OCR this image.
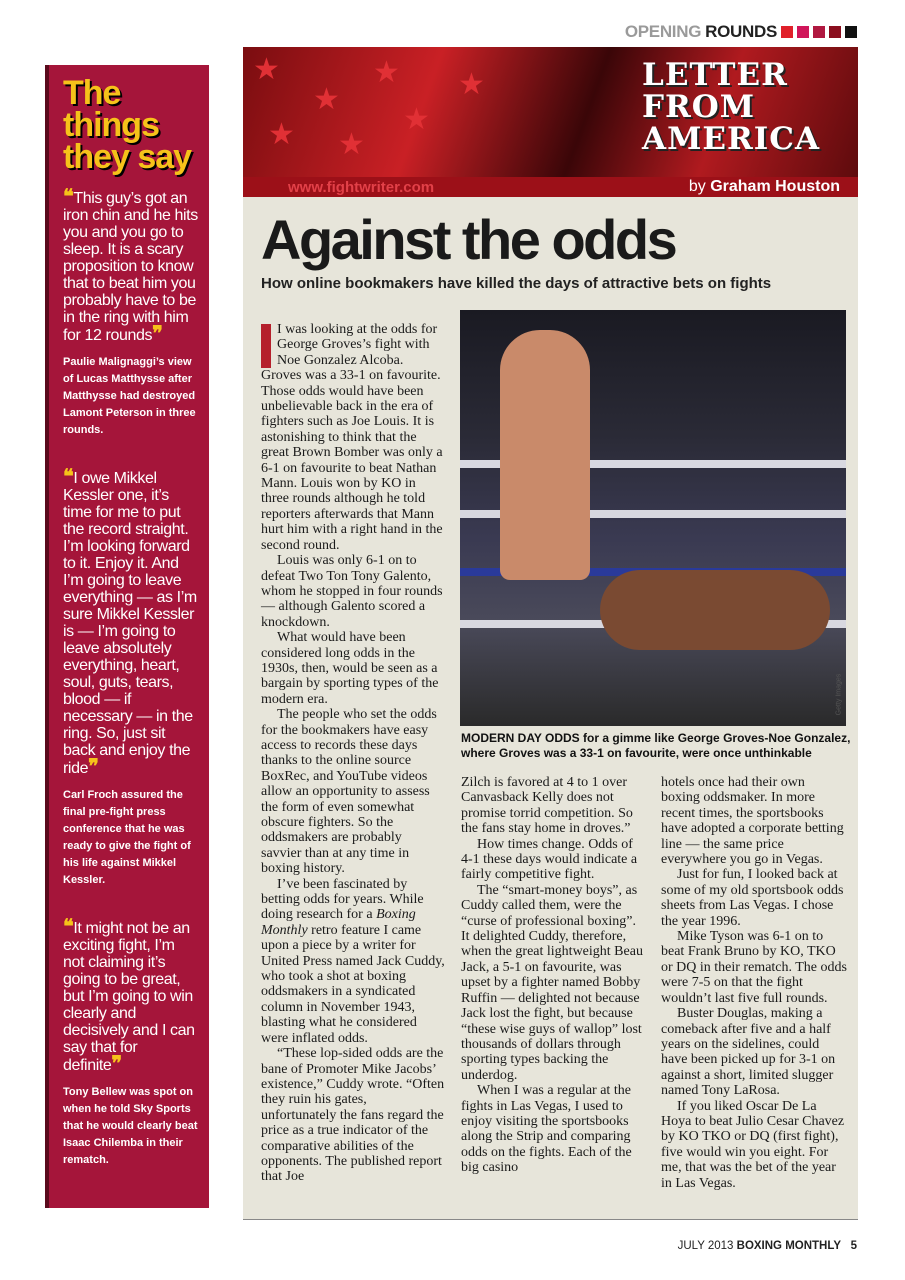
OPENING ROUNDS
The things they say
❝This guy’s got an iron chin and he hits you and you go to sleep. It is a scary proposition to know that to beat him you probably have to be in the ring with him for 12 rounds❞
Paulie Malignaggi’s view of Lucas Matthysse after Matthysse had destroyed Lamont Peterson in three rounds.
❝I owe Mikkel Kessler one, it’s time for me to put the record straight. I’m looking forward to it. Enjoy it. And I’m going to leave everything — as I’m sure Mikkel Kessler is — I’m going to leave absolutely everything, heart, soul, guts, tears, blood — if necessary — in the ring. So, just sit back and enjoy the ride❞
Carl Froch assured the final pre-fight press conference that he was ready to give the fight of his life against Mikkel Kessler.
❝It might not be an exciting fight, I’m not claiming it’s going to be great, but I’m going to win clearly and decisively and I can say that for definite❞
Tony Bellew was spot on when he told Sky Sports that he would clearly beat Isaac Chilemba in their rematch.
★
★
★
★ ★
★
★	LETTER
FROM
AMERICA
www.fightwriter.com	by Graham Houston
Against the odds
How online bookmakers have killed the days of attractive bets on fights

I was looking at the odds for George Groves’s fight with Noe Gonzalez Alcoba. Groves was a 33-1 on favourite. Those odds would have been unbelievable back in the era of fighters such as Joe Louis. It is astonishing to think that the great Brown Bomber was only a 6-1 on favourite to beat Nathan Mann. Louis won by KO in three rounds although he told reporters afterwards that Mann hurt him with a right hand in the second round.

Louis was only 6-1 on to defeat Two Ton Tony Galento, whom he stopped in four rounds — although Galento scored a knockdown.

What would have been considered long odds in the 1930s, then, would be seen as a bargain by sporting types of the modern era.

The people who set the odds for the bookmakers have easy access to records these days thanks to the online source BoxRec, and YouTube videos allow an opportunity to assess the form of even somewhat obscure fighters. So the oddsmakers are probably savvier than at any time in boxing history.

I’ve been fascinated by betting odds for years. While doing research for a Boxing Monthly retro feature I came upon a piece by a writer for United Press named Jack Cuddy, who took a shot at boxing oddsmakers in a syndicated column in November 1943, blasting what he considered were inflated odds.

“These lop-sided odds are the bane of Promoter Mike Jacobs’ existence,” Cuddy wrote. “Often they ruin his gates, unfortunately the fans regard the price as a true indicator of the comparative abilities of the opponents. The published report that Joe

Getty Images
MODERN DAY ODDS for a gimme like George Groves-Noe Gonzalez, where Groves was a 33-1 on favourite, were once unthinkable

Zilch is favored at 4 to 1 over Canvasback Kelly does not promise torrid competition. So the fans stay home in droves.”

How times change. Odds of 4-1 these days would indicate a fairly competitive fight.

The “smart-money boys”, as Cuddy called them, were the “curse of professional boxing”. It delighted Cuddy, therefore, when the great lightweight Beau Jack, a 5-1 on favourite, was upset by a fighter named Bobby Ruffin — delighted not because Jack lost the fight, but because “these wise guys of wallop” lost thousands of dollars through sporting types backing the underdog.

When I was a regular at the fights in Las Vegas, I used to enjoy visiting the sportsbooks along the Strip and comparing odds on the fights. Each of the big casino

hotels once had their own boxing oddsmaker. In more recent times, the sportsbooks have adopted a corporate betting line — the same price everywhere you go in Vegas.

Just for fun, I looked back at some of my old sportsbook odds sheets from Las Vegas. I chose the year 1996.

Mike Tyson was 6-1 on to beat Frank Bruno by KO, TKO or DQ in their rematch. The odds were 7-5 on that the fight wouldn’t last five full rounds.

Buster Douglas, making a comeback after five and a half years on the sidelines, could have been picked up for 3-1 on against a short, limited slugger named Tony LaRosa.

If you liked Oscar De La Hoya to beat Julio Cesar Chavez by KO TKO or DQ (first fight), five would win you eight. For me, that was the bet of the year in Las Vegas.

JULY 2013 BOXING MONTHLY 5
